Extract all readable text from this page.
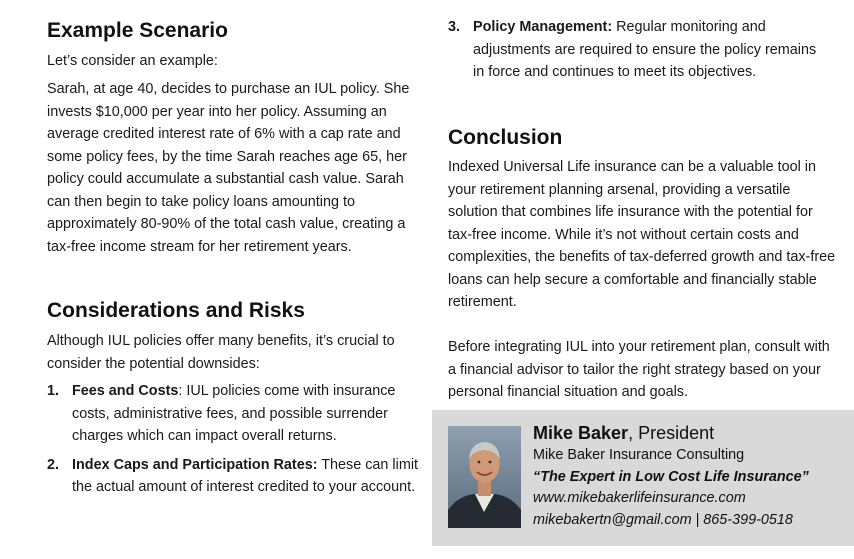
Example Scenario

Let’s consider an example:

Sarah, at age 40, decides to purchase an IUL policy. She invests $10,000 per year into her policy. Assuming an average credited interest rate of 6% with a cap rate and some policy fees, by the time Sarah reaches age 65, her policy could accumulate a substantial cash value. Sarah can then begin to take policy loans amounting to approximately 80-90% of the total cash value, creating a tax-free income stream for her retirement years.

Considerations and Risks

Although IUL policies offer many benefits, it’s crucial to consider the potential downsides:

1. Fees and Costs: IUL policies come with insurance costs, administrative fees, and possible surrender charges which can impact overall returns.
2. Index Caps and Participation Rates: These can limit the actual amount of interest credited to your account.
3. Policy Management: Regular monitoring and adjustments are required to ensure the policy remains in force and continues to meet its objectives.
Conclusion

Indexed Universal Life insurance can be a valuable tool in your retirement planning arsenal, providing a versatile solution that combines life insurance with the potential for tax-free income. While it’s not without certain costs and complexities, the benefits of tax-deferred growth and tax-free loans can help secure a comfortable and financially stable retirement.

Before integrating IUL into your retirement plan, consult with a financial advisor to tailor the right strategy based on your personal financial situation and goals.

Mike Baker, President
Mike Baker Insurance Consulting
“The Expert in Low Cost Life Insurance”
www.mikebakerlifeinsurance.com
mikebakertn@gmail.com | 865-399-0518
